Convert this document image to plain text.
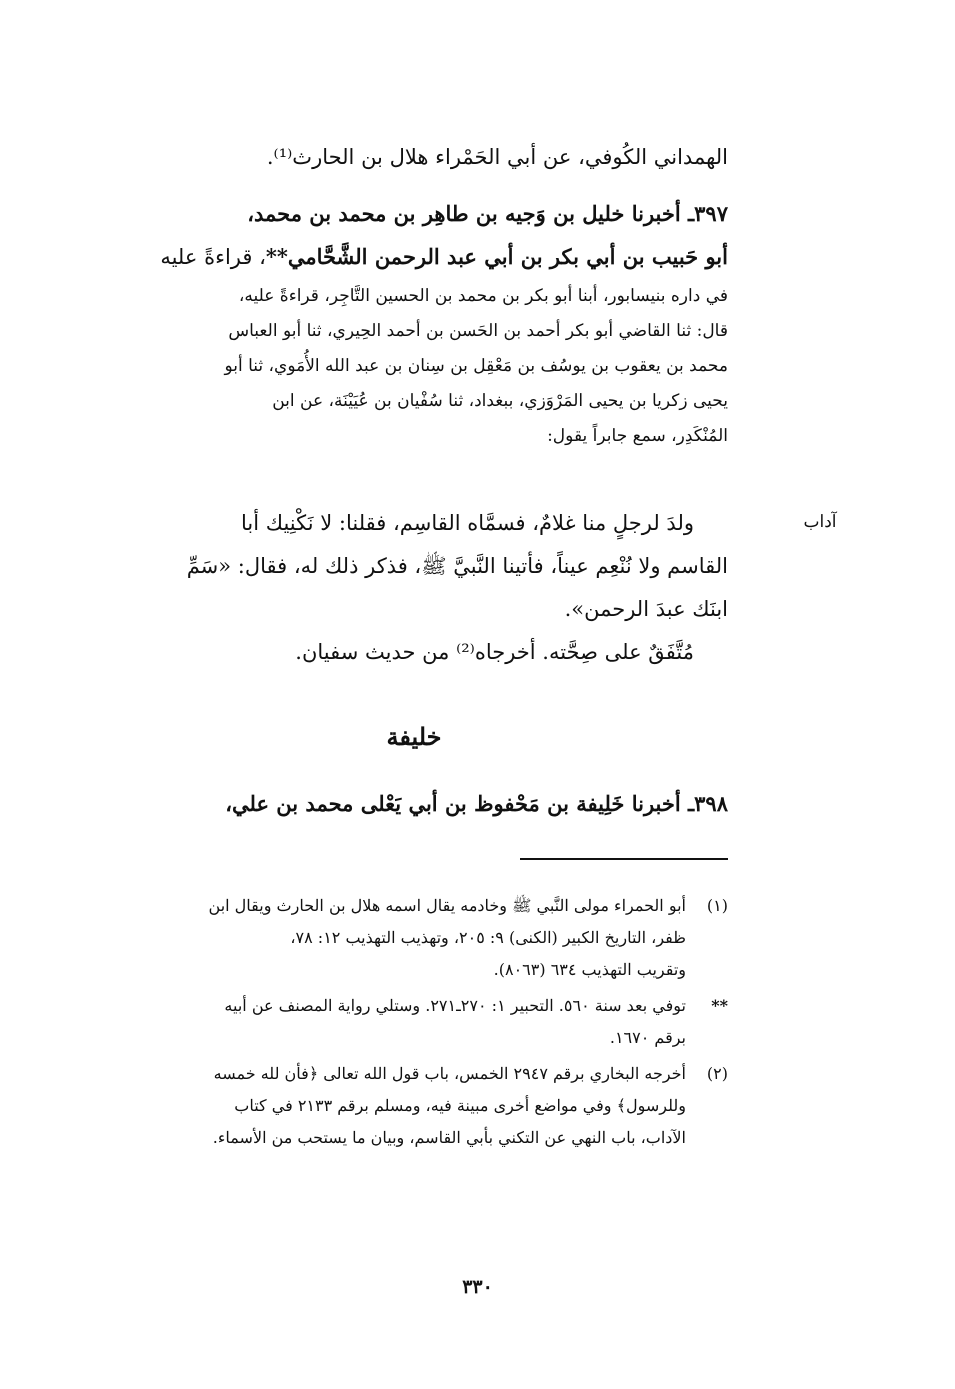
الهمداني الكُوفي، عن أبي الحَمْراء هلال بن الحارث⁽¹⁾.

٣٩٧ـ أخبرنا خليل بن وَجيه بن طاهِر بن محمد بن محمد،

أبو حَبيب بن أبي بكر بن أبي عبد الرحمن الشَّحَّامي**، قراءةً عليه

في داره بنيسابور، أبنا أبو بكر بن محمد بن الحسين التَّاجِر، قراءةً عليه،

قال: ثنا القاضي أبو بكر أحمد بن الحَسن بن أحمد الحِيري، ثنا أبو العباس

محمد بن يعقوب بن يوسُف بن مَعْقِل بن سِنان بن عبد الله الأُمَوي، ثنا أبو

يحيى زكريا بن يحيى المَرْوَزي، ببغداد، ثنا سُفْيان بن عُيَيْنَة، عن ابن

المُنْكَدِر، سمع جابراً يقول:

آداب

ولدَ لرجلٍ منا غلامٌ، فسمَّاه القاسِم، فقلنا: لا نَكْنِيك أبا

القاسم ولا نُنْعِم عيناً، فأتينا النَّبيَّ ﷺ، فذكر ذلك له، فقال: «سَمِّ

ابنَك عبدَ الرحمن».

مُتَّفَقٌ على صِحَّته. أخرجاه⁽²⁾ من حديث سفيان.

خليفة

٣٩٨ـ أخبرنا خَلِيفة بن مَحْفوظ بن أبي يَعْلى محمد بن علي،

(١)

أبو الحمراء مولى النَّبي ﷺ وخادمه يقال اسمه هلال بن الحارث ويقال ابن

ظفر، التاريخ الكبير (الكنى) ٩: ٢٠٥، وتهذيب التهذيب ١٢: ٧٨،

وتقريب التهذيب ٦٣٤ (٨٠٦٣).

**

توفي بعد سنة ٥٦٠. التحبير ١: ٢٧٠ـ٢٧١. وستلي رواية المصنف عن أبيه

برقم ١٦٧٠.

(٢)

أخرجه البخاري برقم ٢٩٤٧ الخمس، باب قول الله تعالى ﴿فأن لله خمسه

وللرسول﴾ وفي مواضع أخرى مبينة فيه، ومسلم برقم ٢١٣٣ في كتاب

الآداب، باب النهي عن التكني بأبي القاسم، وبيان ما يستحب من الأسماء.

٣٣٠
